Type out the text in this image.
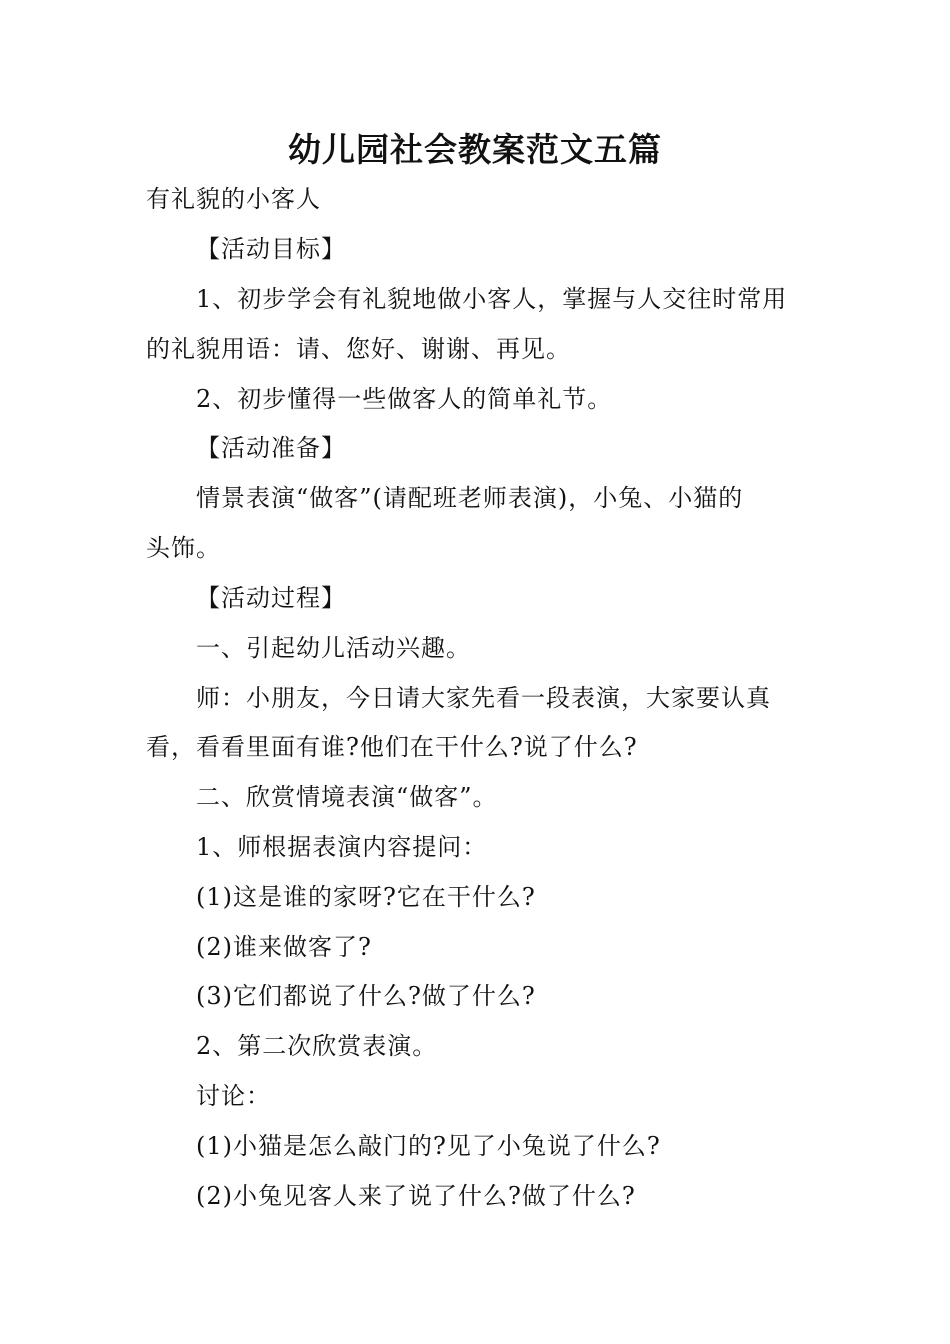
幼儿园社会教案范文五篇
有礼貌的小客人
【活动目标】
1、初步学会有礼貌地做小客人，掌握与人交往时常用
的礼貌用语：请、您好、谢谢、再见。
2、初步懂得一些做客人的简单礼节。
【活动准备】
情景表演“做客”(请配班老师表演)，小兔、小猫的
头饰。
【活动过程】
一、引起幼儿活动兴趣。
师：小朋友，今日请大家先看一段表演，大家要认真
看，看看里面有谁?他们在干什么?说了什么?
二、欣赏情境表演“做客”。
1、师根据表演内容提问：
(1)这是谁的家呀?它在干什么?
(2)谁来做客了?
(3)它们都说了什么?做了什么?
2、第二次欣赏表演。
讨论：
(1)小猫是怎么敲门的?见了小兔说了什么?
(2)小兔见客人来了说了什么?做了什么?
